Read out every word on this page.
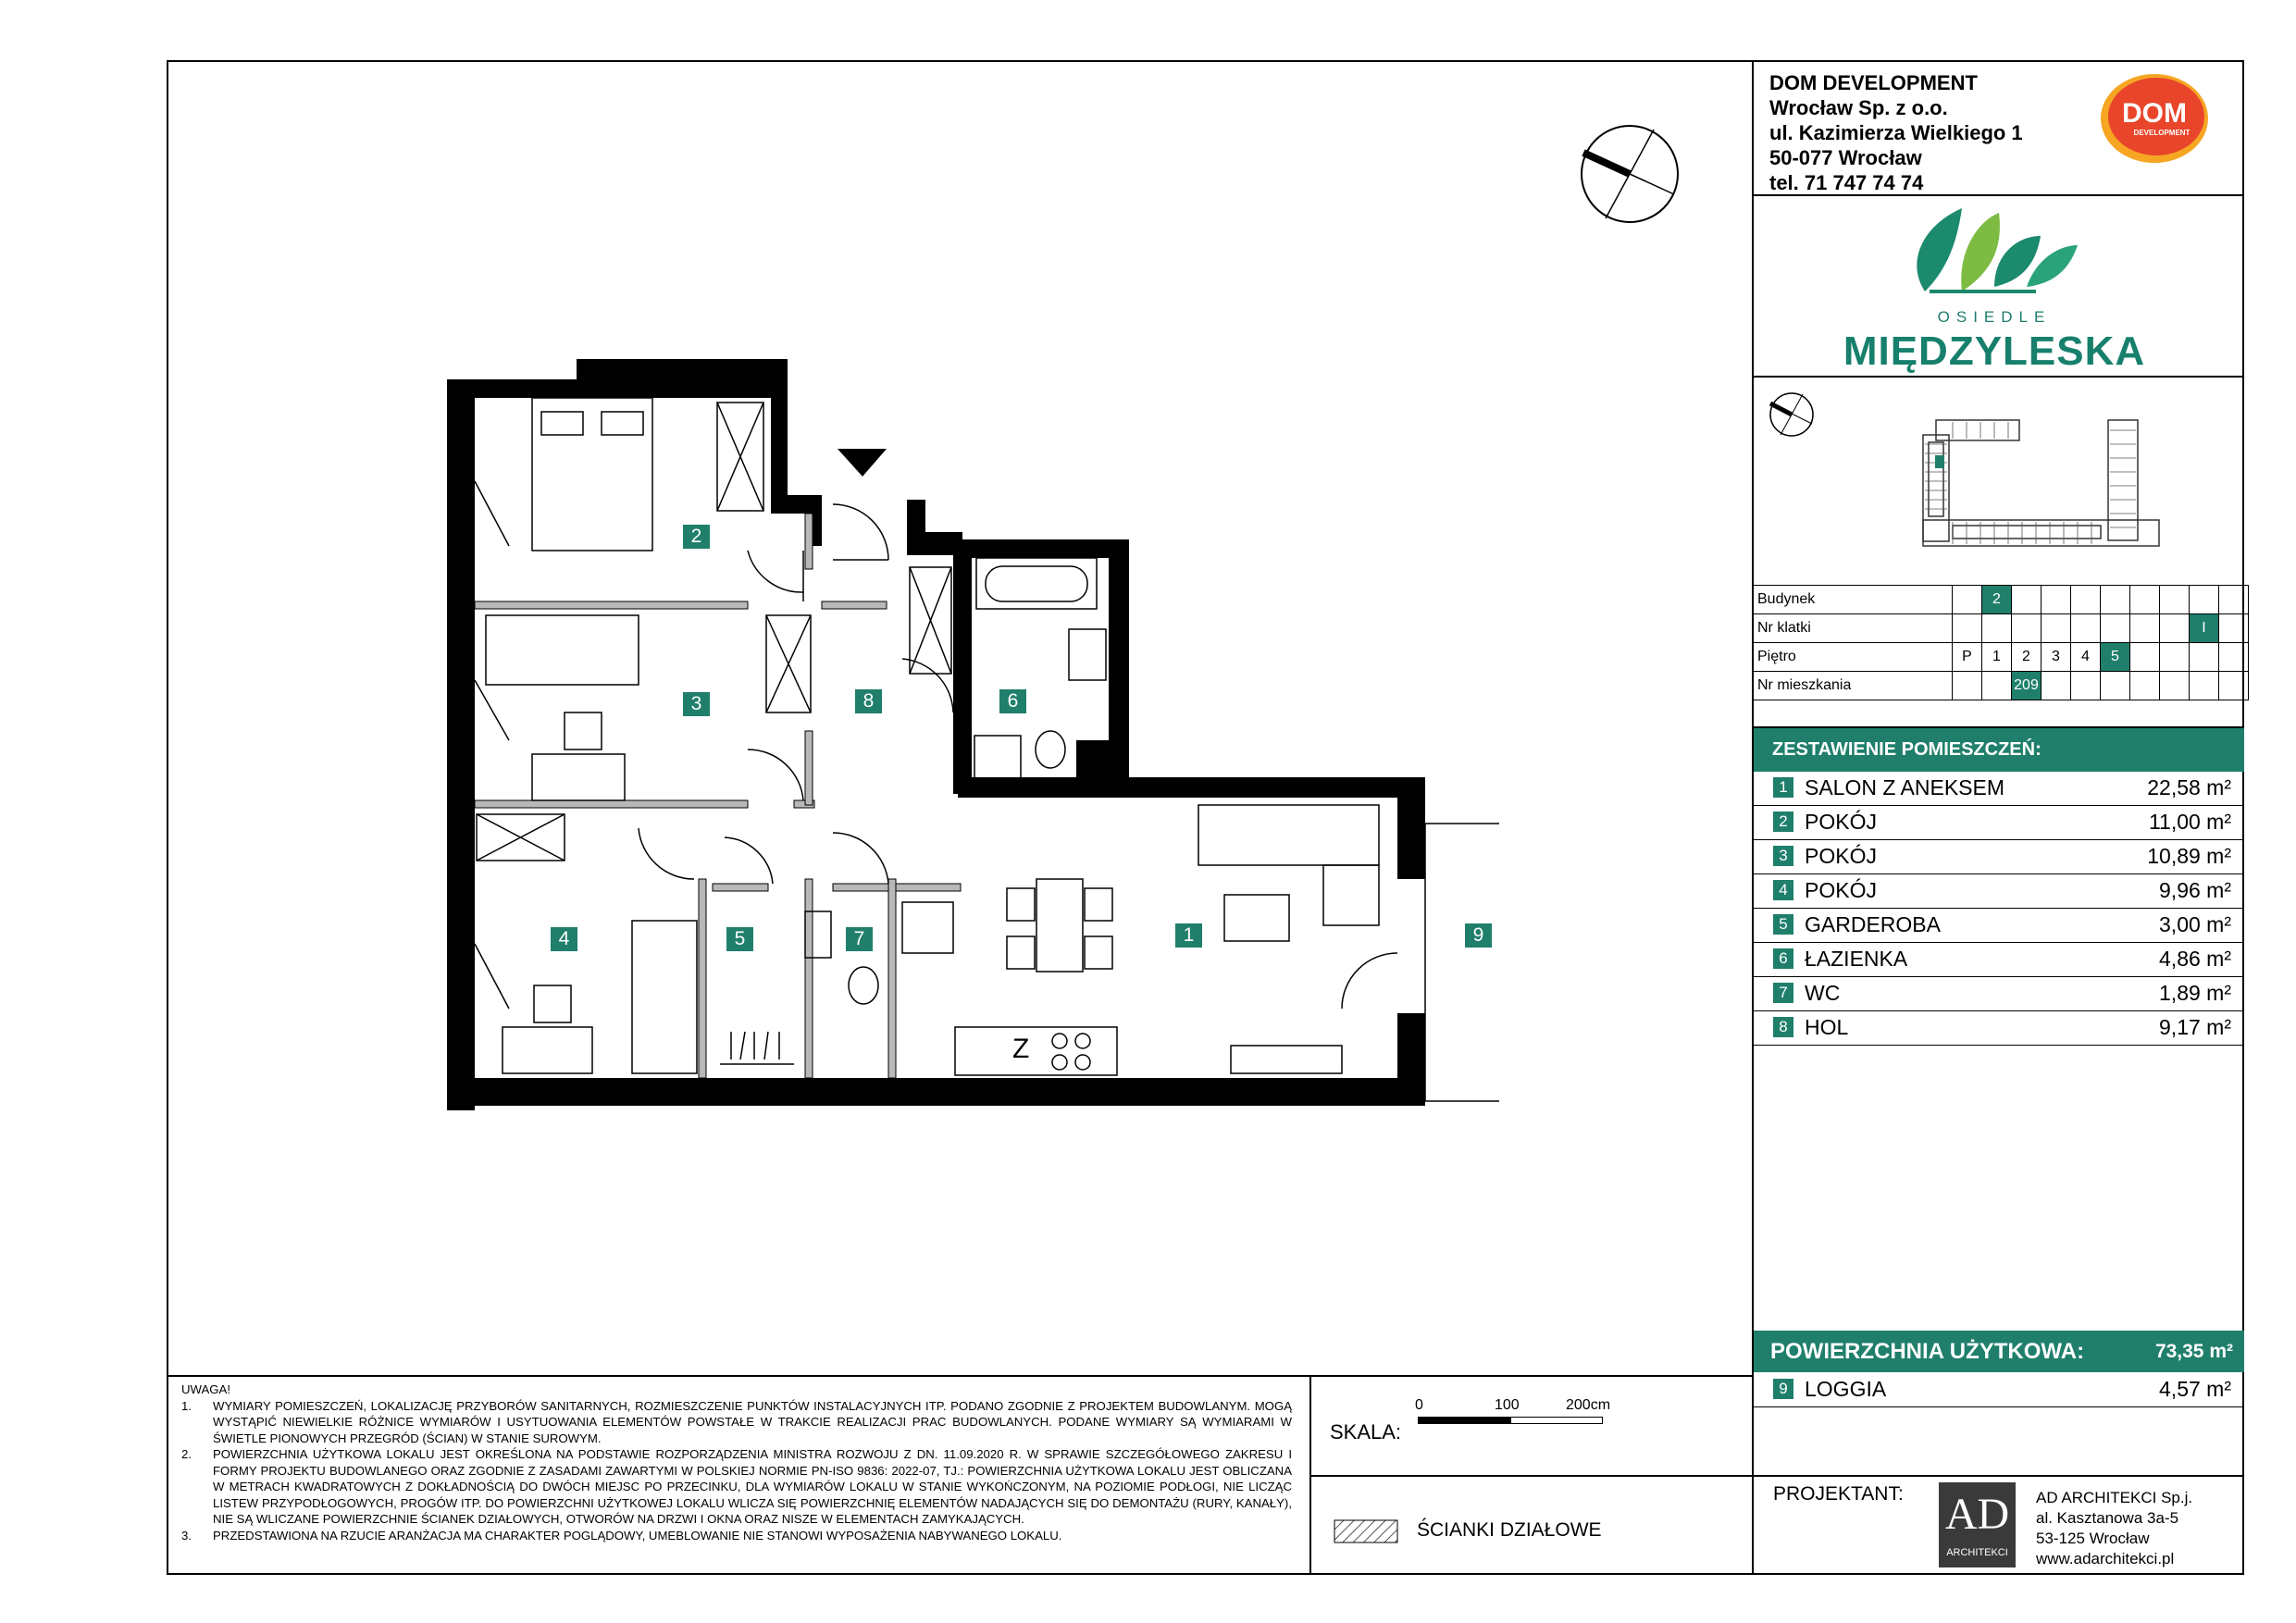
DOM DEVELOPMENT
Wrocław Sp. z o.o.
ul. Kazimierza Wielkiego 1
50-077 Wrocław
tel. 71 747 74 74
DOM
DEVELOPMENT
OSIEDLE
MIĘDZYLESKA
Budynek		2								
Nr klatki									I	
Piętro	P	1	2	3	4	5				
Nr mieszkania			209							
ZESTAWIENIE POMIESZCZEŃ:
1 SALON Z ANEKSEM	22,58 m²
2 POKÓJ	11,00 m²
3 POKÓJ	10,89 m²
4 POKÓJ	9,96 m²
5 GARDEROBA	3,00 m²
6 ŁAZIENKA	4,86 m²
7 WC	1,89 m²
8 HOL	9,17 m²
POWIERZCHNIA UŻYTKOWA:	73,35 m²
9 LOGGIA	4,57 m²
1
2
3
4	5
6
7
8
9
Z

UWAGA!

1. WYMIARY POMIESZCZEŃ, LOKALIZACJĘ PRZYBORÓW SANITARNYCH, ROZMIESZCZENIE PUNKTÓW INSTALACYJNYCH ITP. PODANO ZGODNIE Z PROJEKTEM BUDOWLANYM. MOGĄ WYSTĄPIĆ NIEWIELKIE RÓŻNICE WYMIARÓW I USYTUOWANIA ELEMENTÓW POWSTAŁE W TRAKCIE REALIZACJI PRAC BUDOWLANYCH. PODANE WYMIARY SĄ WYMIARAMI W ŚWIETLE PIONOWYCH PRZEGRÓD (ŚCIAN) W STANIE SUROWYM.
2. POWIERZCHNIA UŻYTKOWA LOKALU JEST OKREŚLONA NA PODSTAWIE ROZPORZĄDZENIA MINISTRA ROZWOJU Z DN. 11.09.2020 R. W SPRAWIE SZCZEGÓŁOWEGO ZAKRESU I FORMY PROJEKTU BUDOWLANEGO ORAZ ZGODNIE Z ZASADAMI ZAWARTYMI W POLSKIEJ NORMIE PN-ISO 9836: 2022-07, TJ.: POWIERZCHNIA UŻYTKOWA LOKALU JEST OBLICZANA W METRACH KWADRATOWYCH Z DOKŁADNOŚCIĄ DO DWÓCH MIEJSC PO PRZECINKU, DLA WYMIARÓW LOKALU W STANIE WYKOŃCZONYM, NA POZIOMIE PODŁOGI, NIE LICZĄC LISTEW PRZYPODŁOGOWYCH, PROGÓW ITP. DO POWIERZCHNI UŻYTKOWEJ LOKALU WLICZA SIĘ POWIERZCHNIĘ ELEMENTÓW NADAJĄCYCH SIĘ DO DEMONTAŻU (RURY, KANAŁY), NIE SĄ WLICZANE POWIERZCHNIE ŚCIANEK DZIAŁOWYCH, OTWORÓW NA DRZWI I OKNA ORAZ NISZE W ELEMENTACH ZAMYKAJĄCYCH.
3. PRZEDSTAWIONA NA RZUCIE ARANŻACJA MA CHARAKTER POGLĄDOWY, UMEBLOWANIE NIE STANOWI WYPOSAŻENIA NABYWANEGO LOKALU.
SKALA:
0	100	200cm
ŚCIANKI DZIAŁOWE
PROJEKTANT: AD
ARCHITEKCI
AD ARCHITEKCI Sp.j.
al. Kasztanowa 3a-5
53-125 Wrocław
www.adarchitekci.pl
